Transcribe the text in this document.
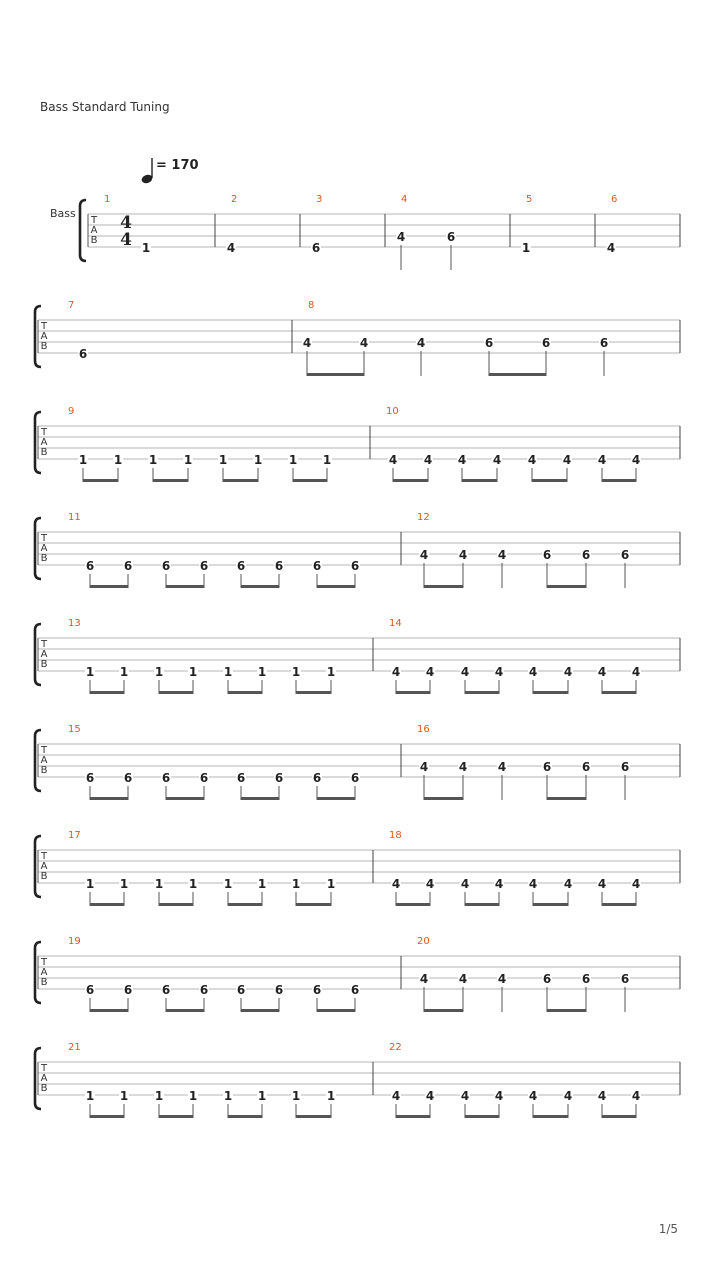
Bass Standard Tuning
T
A
B
1
1
2
4
3
6
4
4	6
5
1
6
4
T
A
B
7
6
8
4	4	4	6	6	6
T
A
B
9
1 1 1 1 1 1 1 1
10
4 4 4 4 4 4 4 4
T
A
B
11
6 6 6 6 6 6 6 6
12
4	4	4	6	6	6
T
A
B
13
1 1 1 1 1 1 1 1
14
4 4 4 4 4 4 4 4
T
A
B
15
6 6 6 6 6 6 6 6
16
4	4	4	6	6	6
T
A
B
17
1 1 1 1 1 1 1 1
18
4 4 4 4 4 4 4 4
T
A
B
19
6 6 6 6 6 6 6 6
20
4	4	4	6	6	6
T
A
B
21
1 1 1 1 1 1 1 1
22
4 4 4 4 4 4 4 4
4
4
Bass
= 170
1/5
